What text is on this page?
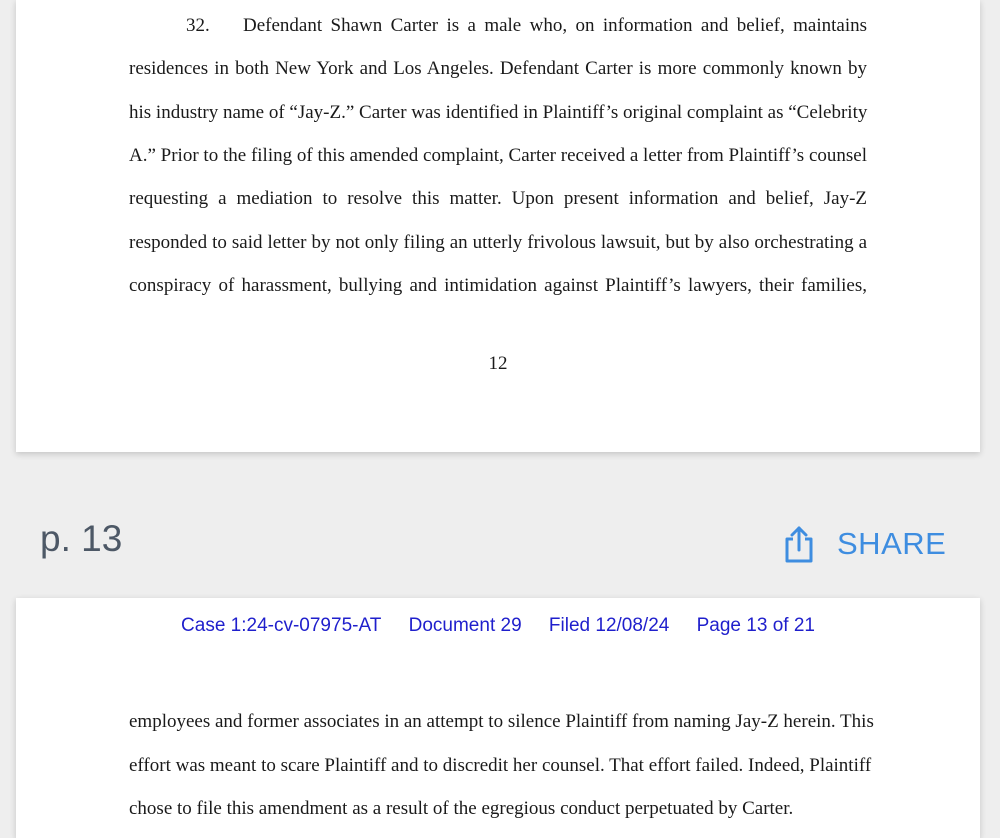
32. Defendant Shawn Carter is a male who, on information and belief, maintains
residences in both New York and Los Angeles. Defendant Carter is more commonly known by
his industry name of “Jay-Z.” Carter was identified in Plaintiff’s original complaint as “Celebrity
A.” Prior to the filing of this amended complaint, Carter received a letter from Plaintiff’s counsel
requesting a mediation to resolve this matter. Upon present information and belief, Jay-Z
responded to said letter by not only filing an utterly frivolous lawsuit, but by also orchestrating a
conspiracy of harassment, bullying and intimidation against Plaintiff’s lawyers, their families,
12
p. 13	SHARE
Case 1:24-cv-07975-AT Document 29 Filed 12/08/24 Page 13 of 21
employees and former associates in an attempt to silence Plaintiff from naming Jay-Z herein. This
effort was meant to scare Plaintiff and to discredit her counsel. That effort failed. Indeed, Plaintiff
chose to file this amendment as a result of the egregious conduct perpetuated by Carter.
